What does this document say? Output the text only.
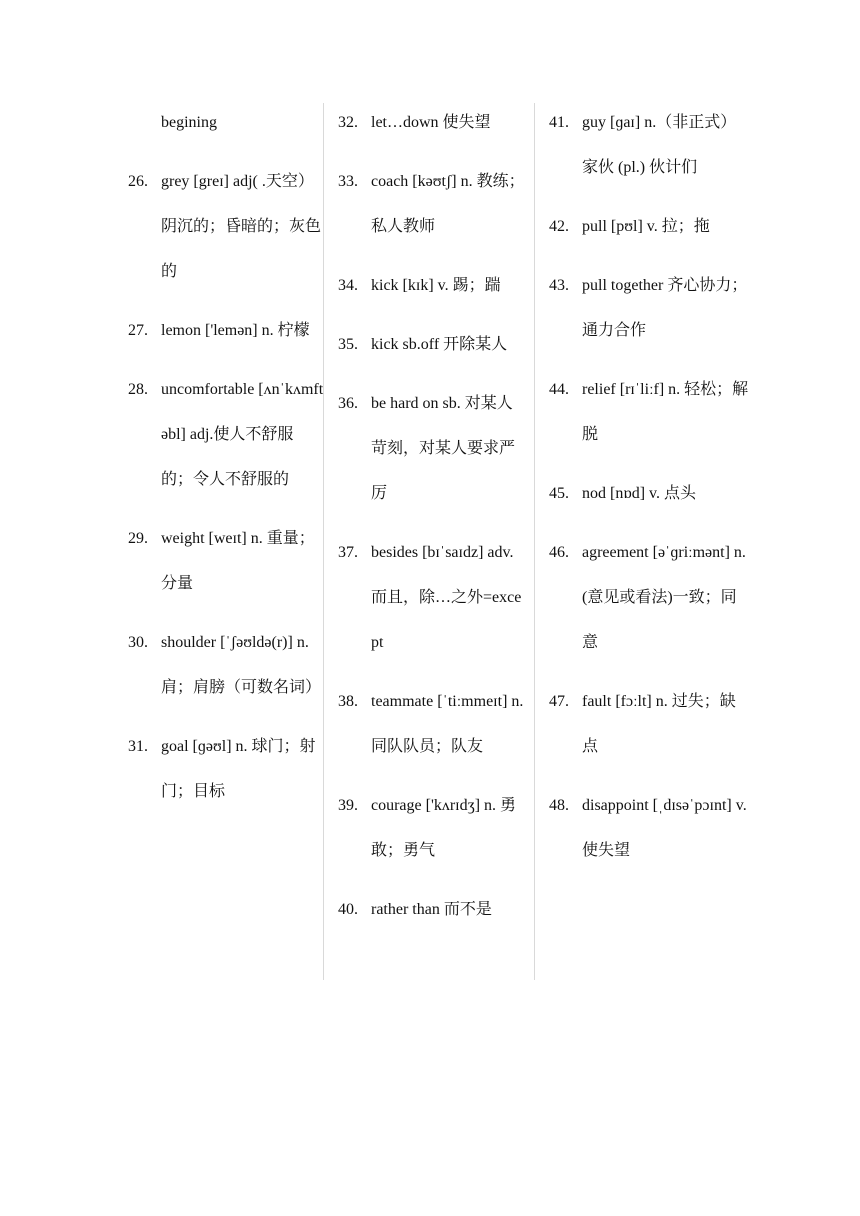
begining
26. grey [greɪ] adj( .天空）阴沉的；昏暗的；灰色的
27. lemon ['lemən] n. 柠檬
28. uncomfortable [ʌnˈkʌmftəbl] adj.使人不舒服的；令人不舒服的
29. weight [weɪt] n. 重量；分量
30. shoulder [ˈʃəʊldə(r)] n. 肩；肩膀（可数名词）
31. goal [ɡəʊl] n. 球门；射门；目标
32. let…down 使失望
33. coach [kəʊtʃ] n. 教练；私人教师
34. kick [kɪk] v. 踢；踹
35. kick sb.off 开除某人
36. be hard on sb. 对某人苛刻，对某人要求严厉
37. besides [bɪˈsaɪdz] adv.而且，除…之外=except
38. teammate [ˈtiːmmeɪt] n. 同队队员；队友
39. courage ['kʌrɪdʒ] n. 勇敢；勇气
40. rather than 而不是
41. guy [ɡaɪ] n.（非正式）家伙 (pl.) 伙计们
42. pull [pʊl] v. 拉；拖
43. pull together 齐心协力；通力合作
44. relief [rɪˈliːf] n. 轻松；解脱
45. nod [nɒd] v. 点头
46. agreement [əˈɡriːmənt] n.(意见或看法)一致；同意
47. fault [fɔːlt] n. 过失；缺点
48. disappoint [ˌdɪsəˈpɔɪnt] v. 使失望
